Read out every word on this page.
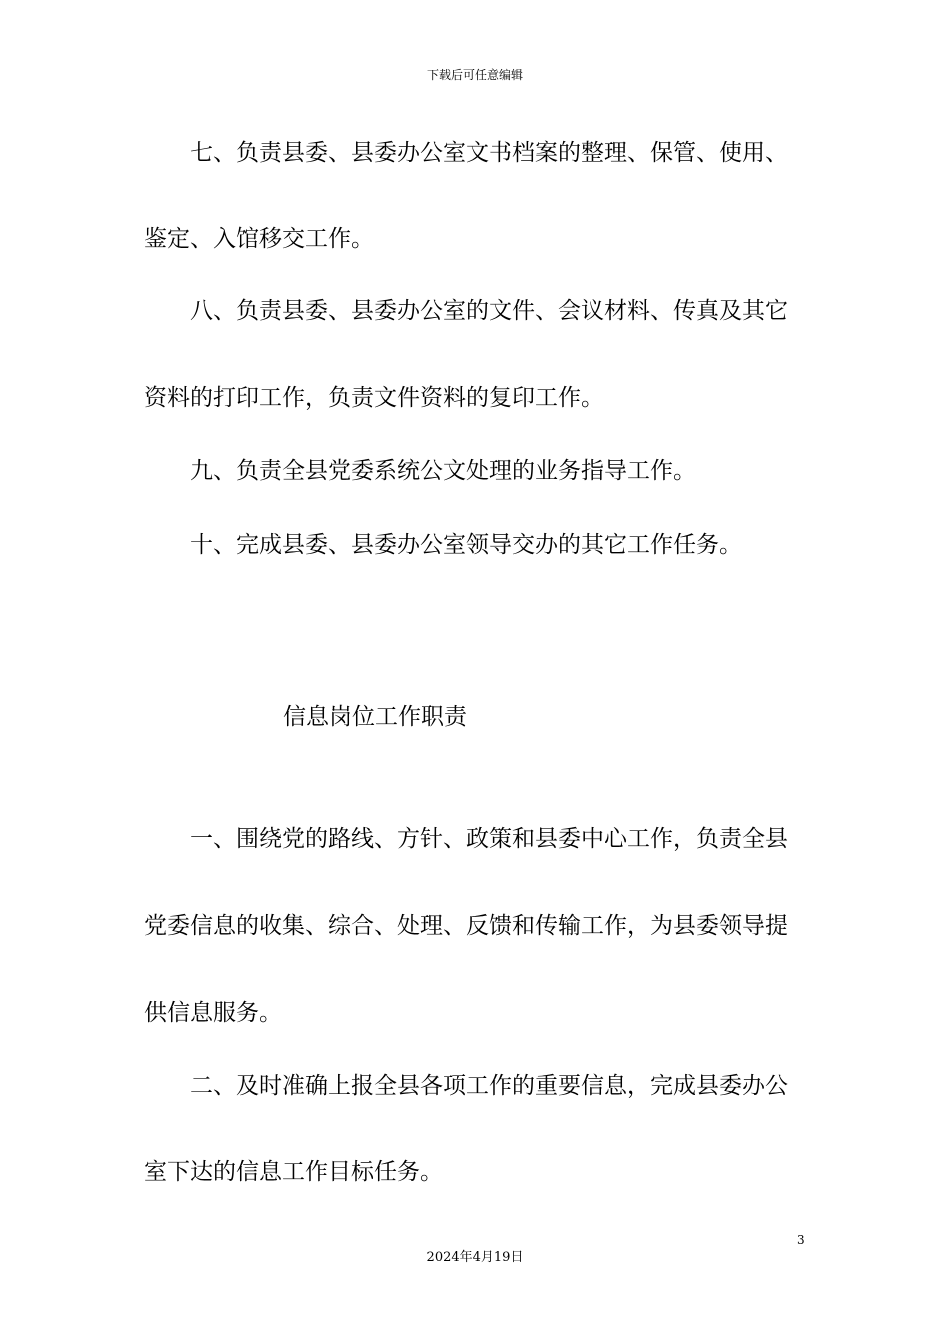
下载后可任意编辑
七、负责县委、县委办公室文书档案的整理、保管、使用、
鉴定、入馆移交工作。
八、负责县委、县委办公室的文件、会议材料、传真及其它
资料的打印工作，负责文件资料的复印工作。
九、负责全县党委系统公文处理的业务指导工作。
十、完成县委、县委办公室领导交办的其它工作任务。
信息岗位工作职责
一、围绕党的路线、方针、政策和县委中心工作，负责全县
党委信息的收集、综合、处理、反馈和传输工作，为县委领导提
供信息服务。
二、及时准确上报全县各项工作的重要信息，完成县委办公
室下达的信息工作目标任务。
3
2024年4月19日
